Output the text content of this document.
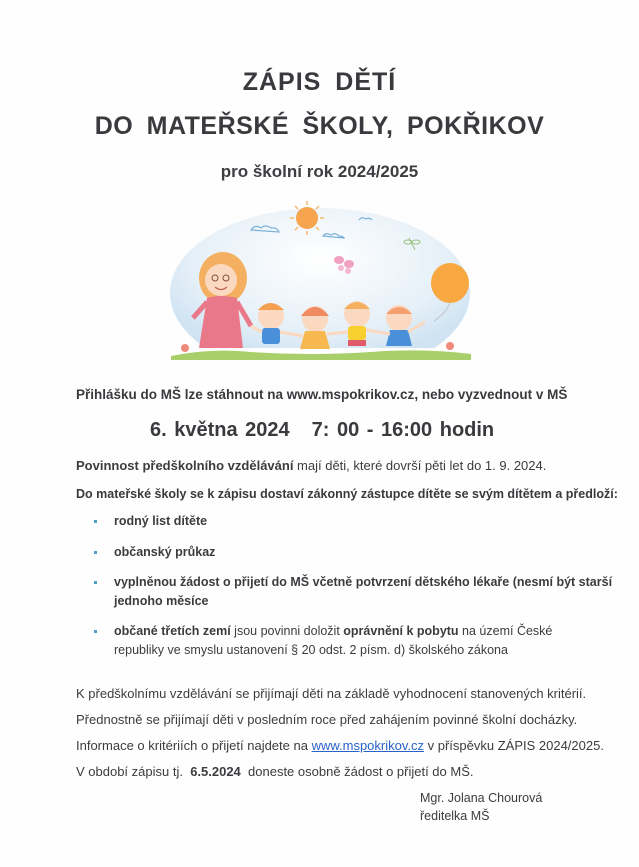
ZÁPIS DĚTÍ
DO MATEŘSKÉ ŠKOLY, POKŘIKOV
pro školní rok 2024/2025
Přihlášku do MŠ lze stáhnout na www.mspokrikov.cz, nebo vyzvednout v MŠ
6. května 2024 7: 00 - 16:00 hodin
Povinnost předškolního vzdělávání mají děti, které dovrší pěti let do 1. 9. 2024.
Do mateřské školy se k zápisu dostaví zákonný zástupce dítěte se svým dítětem a předloží:
rodný list dítěte
občanský průkaz
vyplněnou žádost o přijetí do MŠ včetně potvrzení dětského lékaře (nesmí být starší jednoho měsíce
občané třetích zemí jsou povinni doložit oprávnění k pobytu na území České republiky ve smyslu ustanovení § 20 odst. 2 písm. d) školského zákona
K předškolnímu vzdělávání se přijímají děti na základě vyhodnocení stanovených kritérií.
Přednostně se přijímají děti v posledním roce před zahájením povinné školní docházky.
Informace o kritériích o přijetí najdete na www.mspokrikov.cz v příspěvku ZÁPIS 2024/2025.
V období zápisu tj.  6.5.2024  doneste osobně žádost o přijetí do MŠ.
Mgr. Jolana Chourová
ředitelka MŠ
